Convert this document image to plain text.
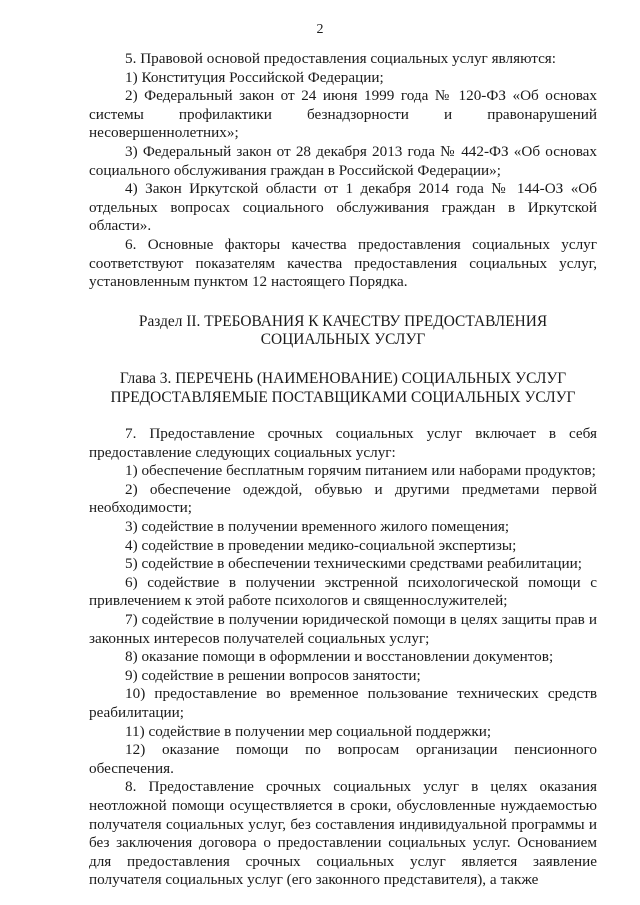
2

5. Правовой основой предоставления социальных услуг являются:

1) Конституция Российской Федерации;

2) Федеральный закон от 24 июня 1999 года № 120-ФЗ «Об основах системы профилактики безнадзорности и правонарушений несовершеннолетних»;

3) Федеральный закон от 28 декабря 2013 года № 442-ФЗ «Об основах социального обслуживания граждан в Российской Федерации»;

4) Закон Иркутской области от 1 декабря 2014 года № 144-ОЗ «Об отдельных вопросах социального обслуживания граждан в Иркутской области».

6. Основные факторы качества предоставления социальных услуг соответствуют показателям качества предоставления социальных услуг, установленным пунктом 12 настоящего Порядка.

Раздел II. ТРЕБОВАНИЯ К КАЧЕСТВУ ПРЕДОСТАВЛЕНИЯ СОЦИАЛЬНЫХ УСЛУГ
Глава 3. ПЕРЕЧЕНЬ (НАИМЕНОВАНИЕ) СОЦИАЛЬНЫХ УСЛУГ ПРЕДОСТАВЛЯЕМЫЕ ПОСТАВЩИКАМИ СОЦИАЛЬНЫХ УСЛУГ

7. Предоставление срочных социальных услуг включает в себя предоставление следующих социальных услуг:

1) обеспечение бесплатным горячим питанием или наборами продуктов;

2) обеспечение одеждой, обувью и другими предметами первой необходимости;

3) содействие в получении временного жилого помещения;

4) содействие в проведении медико-социальной экспертизы;

5) содействие в обеспечении техническими средствами реабилитации;

6) содействие в получении экстренной психологической помощи с привлечением к этой работе психологов и священнослужителей;

7) содействие в получении юридической помощи в целях защиты прав и законных интересов получателей социальных услуг;

8) оказание помощи в оформлении и восстановлении документов;

9) содействие в решении вопросов занятости;

10) предоставление во временное пользование технических средств реабилитации;

11) содействие в получении мер социальной поддержки;

12) оказание помощи по вопросам организации пенсионного обеспечения.

8. Предоставление срочных социальных услуг в целях оказания неотложной помощи осуществляется в сроки, обусловленные нуждаемостью получателя социальных услуг, без составления индивидуальной программы и без заключения договора о предоставлении социальных услуг. Основанием для предоставления срочных социальных услуг является заявление получателя социальных услуг (его законного представителя), а также
